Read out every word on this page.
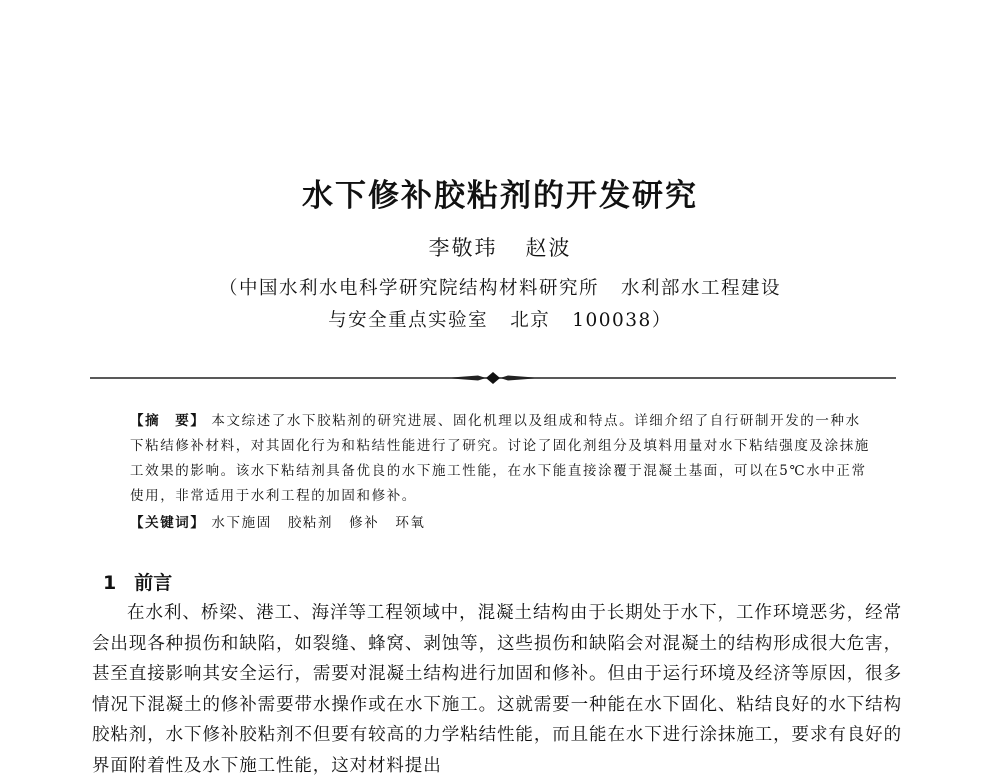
水下修补胶粘剂的开发研究
李敬玮 赵波
（中国水利水电科学研究院结构材料研究所 水利部水工程建设
与安全重点实验室 北京 100038）
【摘　要】 本文综述了水下胶粘剂的研究进展、固化机理以及组成和特点。详细介绍了自行研制开发的一种水下粘结修补材料，对其固化行为和粘结性能进行了研究。讨论了固化剂组分及填料用量对水下粘结强度及涂抹施工效果的影响。该水下粘结剂具备优良的水下施工性能，在水下能直接涂覆于混凝土基面，可以在5℃水中正常使用，非常适用于水利工程的加固和修补。
【关键词】 水下施固 胶粘剂 修补 环氧
1 前言
在水利、桥梁、港工、海洋等工程领域中，混凝土结构由于长期处于水下，工作环境恶劣，经常会出现各种损伤和缺陷，如裂缝、蜂窝、剥蚀等，这些损伤和缺陷会对混凝土的结构形成很大危害，甚至直接影响其安全运行，需要对混凝土结构进行加固和修补。但由于运行环境及经济等原因，很多情况下混凝土的修补需要带水操作或在水下施工。这就需要一种能在水下固化、粘结良好的水下结构胶粘剂，水下修补胶粘剂不但要有较高的力学粘结性能，而且能在水下进行涂抹施工，要求有良好的界面附着性及水下施工性能，这对材料提出
